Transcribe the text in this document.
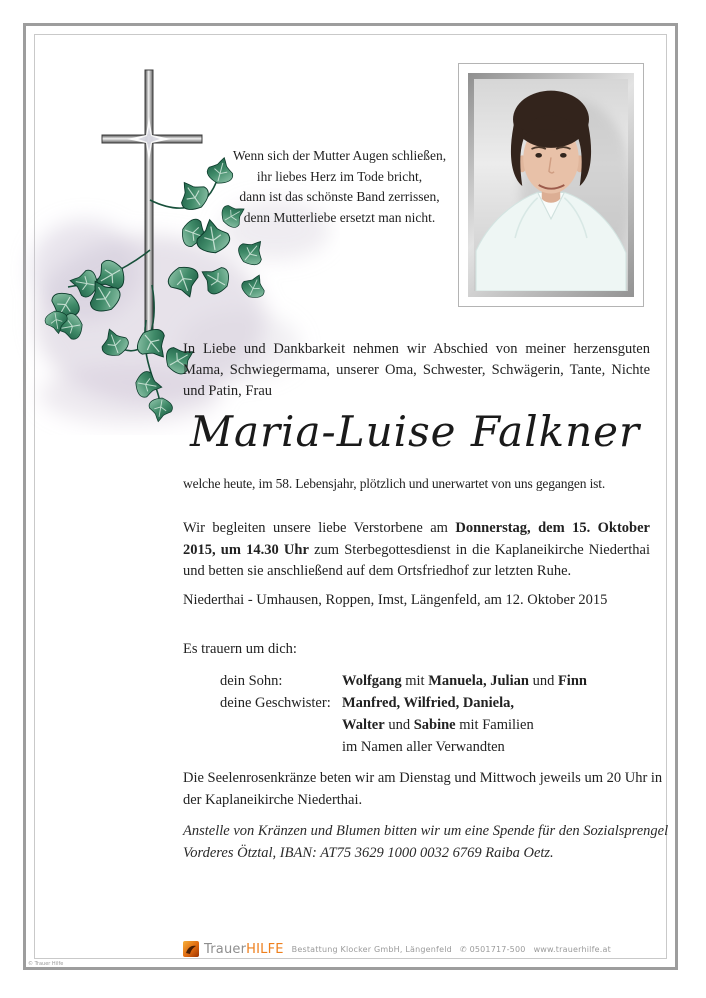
Wenn sich der Mutter Augen schließen,
ihr liebes Herz im Tode bricht,
dann ist das schönste Band zerrissen,
denn Mutterliebe ersetzt man nicht.
In Liebe und Dankbarkeit nehmen wir Abschied von meiner herzensguten Mama, Schwiegermama, unserer Oma, Schwester, Schwägerin, Tante, Nichte und Patin, Frau
Maria-Luise Falkner
welche heute, im 58. Lebensjahr, plötzlich und unerwartet von uns gegangen ist.
Wir begleiten unsere liebe Verstorbene am Donnerstag, dem 15. Oktober 2015, um 14.30 Uhr zum Sterbegottesdienst in die Kaplaneikirche Niederthai und betten sie anschließend auf dem Ortsfriedhof zur letzten Ruhe.
Niederthai - Umhausen, Roppen, Imst, Längenfeld, am 12. Oktober 2015
Es trauern um dich:
dein Sohn:	Wolfgang mit Manuela, Julian und Finn
deine Geschwister: Manfred, Wilfried, Daniela,
Walter und Sabine mit Familien
im Namen aller Verwandten
Die Seelenrosenkränze beten wir am Dienstag und Mittwoch jeweils um 20 Uhr in der Kaplaneikirche Niederthai.
Anstelle von Kränzen und Blumen bitten wir um eine Spende für den Sozialsprengel Vorderes Ötztal, IBAN: AT75 3629 1000 0032 6769 Raiba Oetz.
TrauerHILFE Bestattung Klocker GmbH, Längenfeld ✆ 0501717-500 www.trauerhilfe.at
© Trauer Hilfe
